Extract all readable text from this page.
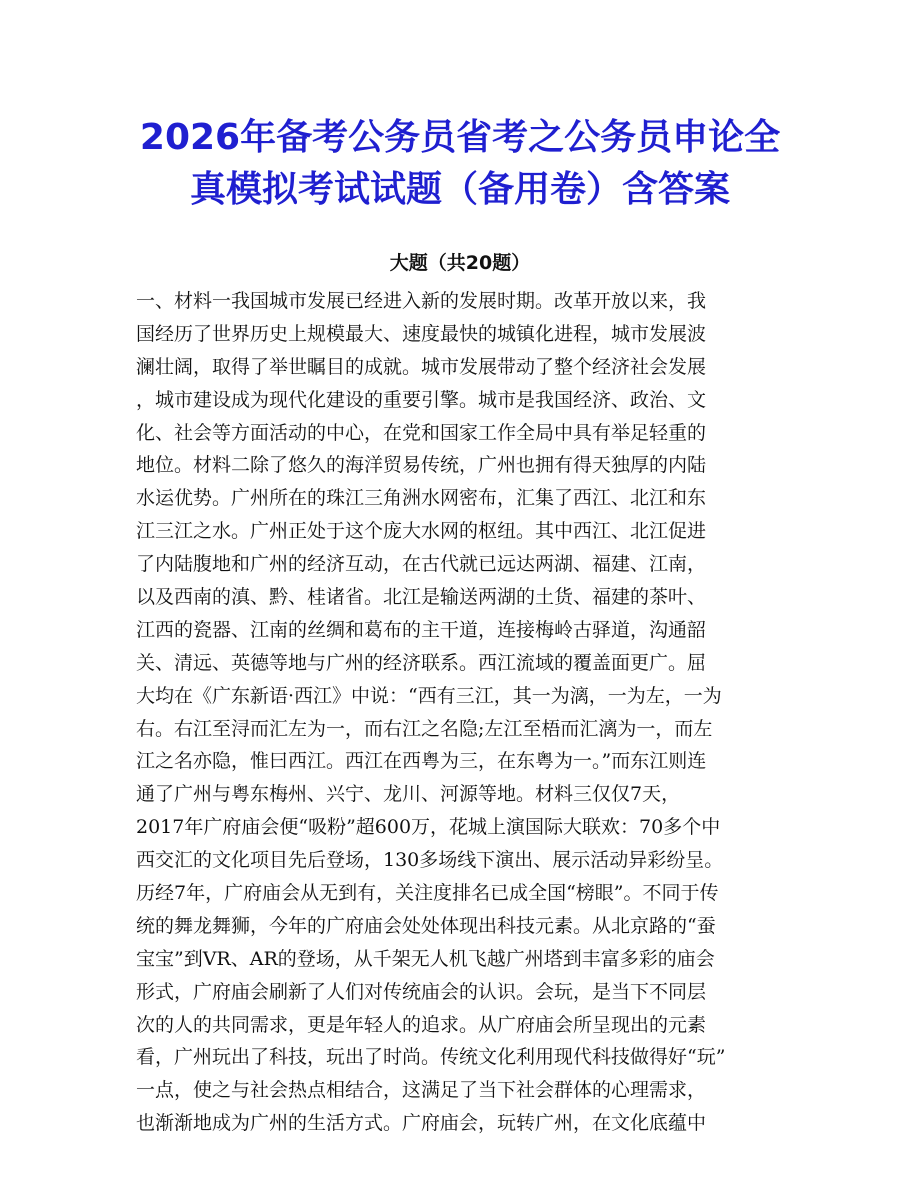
2026年备考公务员省考之公务员申论全
真模拟考试试题（备用卷）含答案
大题（共20题）
一、材料一我国城市发展已经进入新的发展时期。改革开放以来，我
国经历了世界历史上规模最大、速度最快的城镇化进程，城市发展波
澜壮阔，取得了举世瞩目的成就。城市发展带动了整个经济社会发展
，城市建设成为现代化建设的重要引擎。城市是我国经济、政治、文
化、社会等方面活动的中心，在党和国家工作全局中具有举足轻重的
地位。材料二除了悠久的海洋贸易传统，广州也拥有得天独厚的内陆
水运优势。广州所在的珠江三角洲水网密布，汇集了西江、北江和东
江三江之水。广州正处于这个庞大水网的枢纽。其中西江、北江促进
了内陆腹地和广州的经济互动，在古代就已远达两湖、福建、江南，
以及西南的滇、黔、桂诸省。北江是输送两湖的土货、福建的茶叶、
江西的瓷器、江南的丝绸和葛布的主干道，连接梅岭古驿道，沟通韶
关、清远、英德等地与广州的经济联系。西江流域的覆盖面更广。屈
大均在《广东新语·西江》中说：“西有三江，其一为漓，一为左，一为
右。右江至浔而汇左为一，而右江之名隐;左江至梧而汇漓为一，而左
江之名亦隐，惟曰西江。西江在西粤为三，在东粤为一。”而东江则连
通了广州与粤东梅州、兴宁、龙川、河源等地。材料三仅仅7天，
2017年广府庙会便“吸粉”超600万，花城上演国际大联欢：70多个中
西交汇的文化项目先后登场，130多场线下演出、展示活动异彩纷呈。
历经7年，广府庙会从无到有，关注度排名已成全国“榜眼”。不同于传
统的舞龙舞狮，今年的广府庙会处处体现出科技元素。从北京路的“蚕
宝宝”到VR、AR的登场，从千架无人机飞越广州塔到丰富多彩的庙会
形式，广府庙会刷新了人们对传统庙会的认识。会玩，是当下不同层
次的人的共同需求，更是年轻人的追求。从广府庙会所呈现出的元素
看，广州玩出了科技，玩出了时尚。传统文化利用现代科技做得好“玩”
一点，使之与社会热点相结合，这满足了当下社会群体的心理需求，
也渐渐地成为广州的生活方式。广府庙会，玩转广州，在文化底蕴中
